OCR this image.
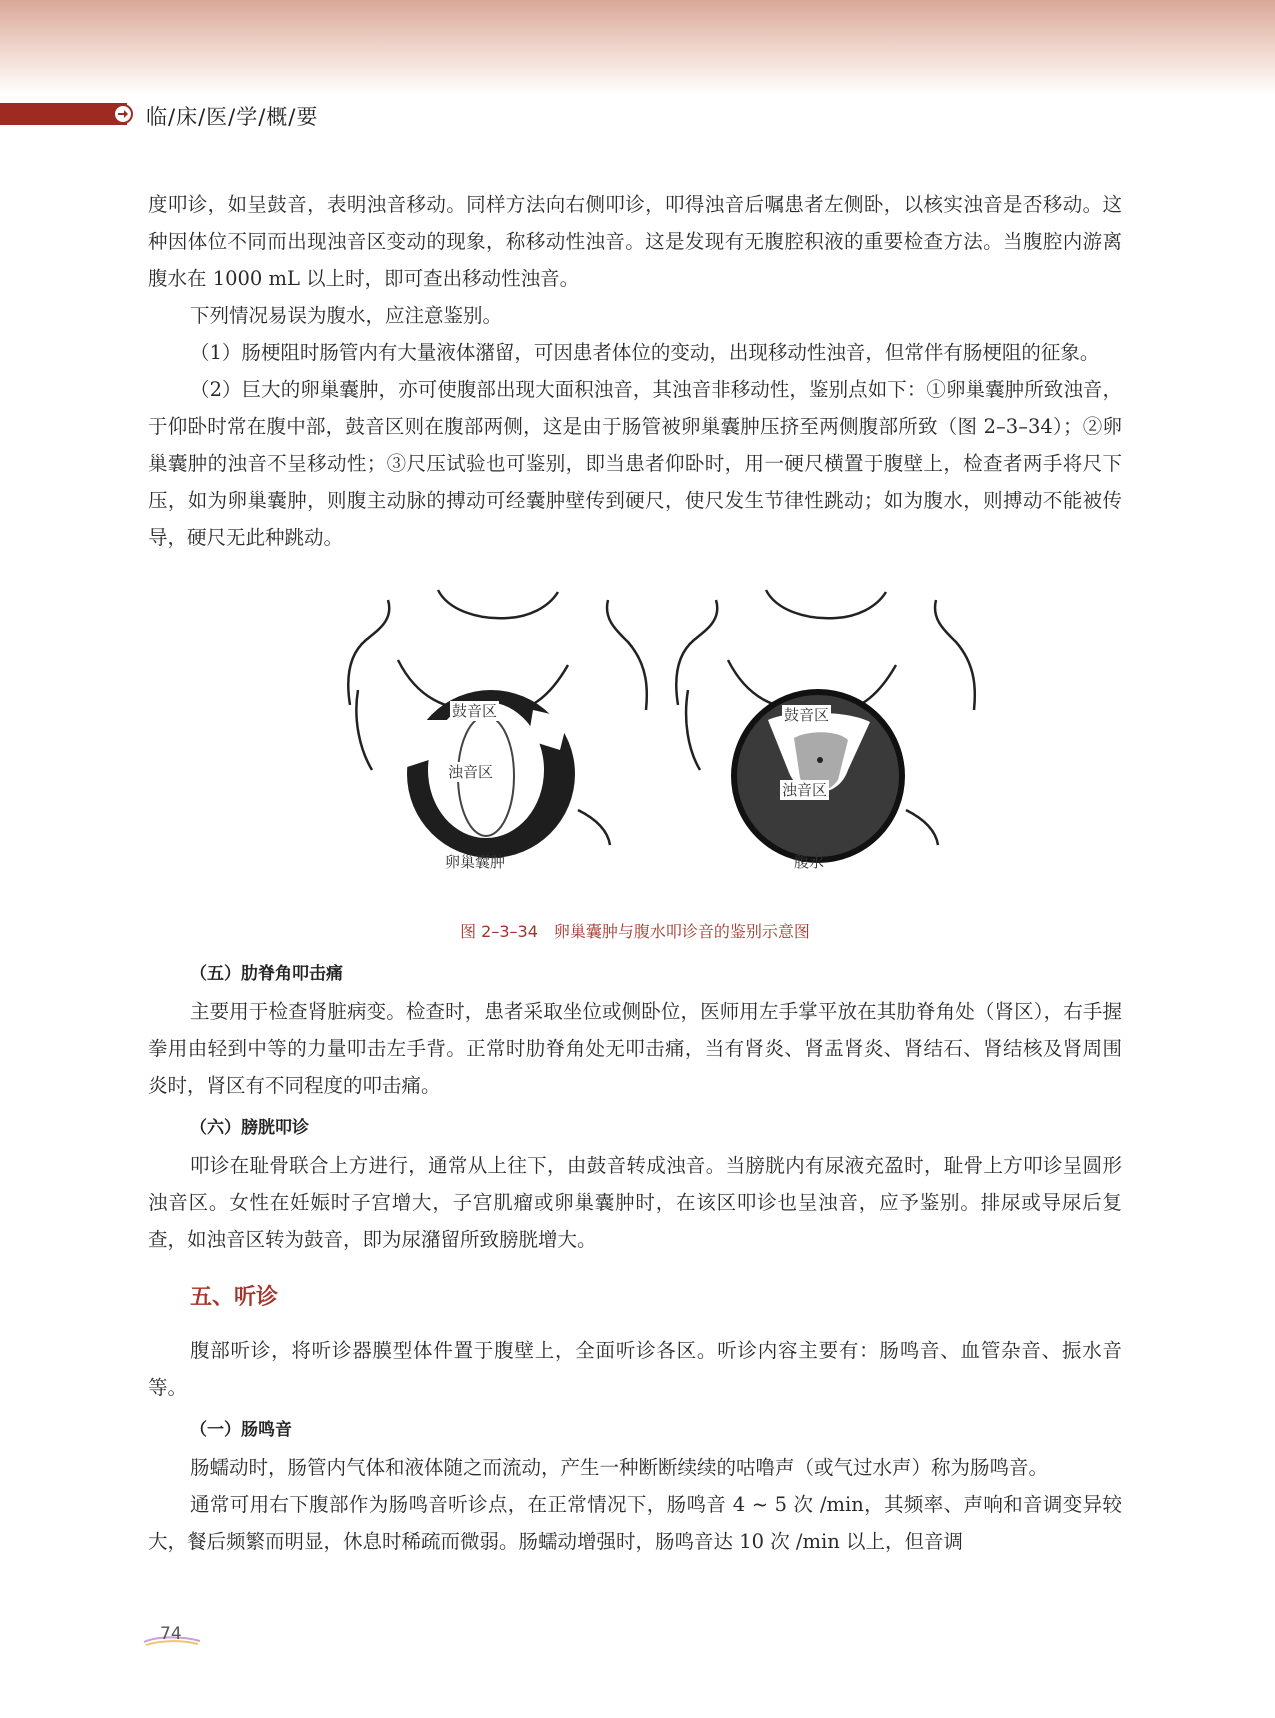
临/床/医/学/概/要

度叩诊，如呈鼓音，表明浊音移动。同样方法向右侧叩诊，叩得浊音后嘱患者左侧卧，以核实浊音是否移动。这种因体位不同而出现浊音区变动的现象，称移动性浊音。这是发现有无腹腔积液的重要检查方法。当腹腔内游离腹水在 1000 mL 以上时，即可查出移动性浊音。

下列情况易误为腹水，应注意鉴别。

（1）肠梗阻时肠管内有大量液体潴留，可因患者体位的变动，出现移动性浊音，但常伴有肠梗阻的征象。

（2）巨大的卵巢囊肿，亦可使腹部出现大面积浊音，其浊音非移动性，鉴别点如下：①卵巢囊肿所致浊音，于仰卧时常在腹中部，鼓音区则在腹部两侧，这是由于肠管被卵巢囊肿压挤至两侧腹部所致（图 2–3–34）；②卵巢囊肿的浊音不呈移动性；③尺压试验也可鉴别，即当患者仰卧时，用一硬尺横置于腹壁上，检查者两手将尺下压，如为卵巢囊肿，则腹主动脉的搏动可经囊肿壁传到硬尺，使尺发生节律性跳动；如为腹水，则搏动不能被传导，硬尺无此种跳动。

鼓音区
浊音区
卵巢囊肿
鼓音区
浊音区
腹水
图 2–3–34　卵巢囊肿与腹水叩诊音的鉴别示意图
（五）肋脊角叩击痛

主要用于检查肾脏病变。检查时，患者采取坐位或侧卧位，医师用左手掌平放在其肋脊角处（肾区），右手握拳用由轻到中等的力量叩击左手背。正常时肋脊角处无叩击痛，当有肾炎、肾盂肾炎、肾结石、肾结核及肾周围炎时，肾区有不同程度的叩击痛。

（六）膀胱叩诊

叩诊在耻骨联合上方进行，通常从上往下，由鼓音转成浊音。当膀胱内有尿液充盈时，耻骨上方叩诊呈圆形浊音区。女性在妊娠时子宫增大，子宫肌瘤或卵巢囊肿时，在该区叩诊也呈浊音，应予鉴别。排尿或导尿后复查，如浊音区转为鼓音，即为尿潴留所致膀胱增大。

五、听诊

腹部听诊，将听诊器膜型体件置于腹壁上，全面听诊各区。听诊内容主要有：肠鸣音、血管杂音、振水音等。

（一）肠鸣音

肠蠕动时，肠管内气体和液体随之而流动，产生一种断断续续的咕噜声（或气过水声）称为肠鸣音。

通常可用右下腹部作为肠鸣音听诊点，在正常情况下，肠鸣音 4 ~ 5 次 /min，其频率、声响和音调变异较大，餐后频繁而明显，休息时稀疏而微弱。肠蠕动增强时，肠鸣音达 10 次 /min 以上，但音调

74
